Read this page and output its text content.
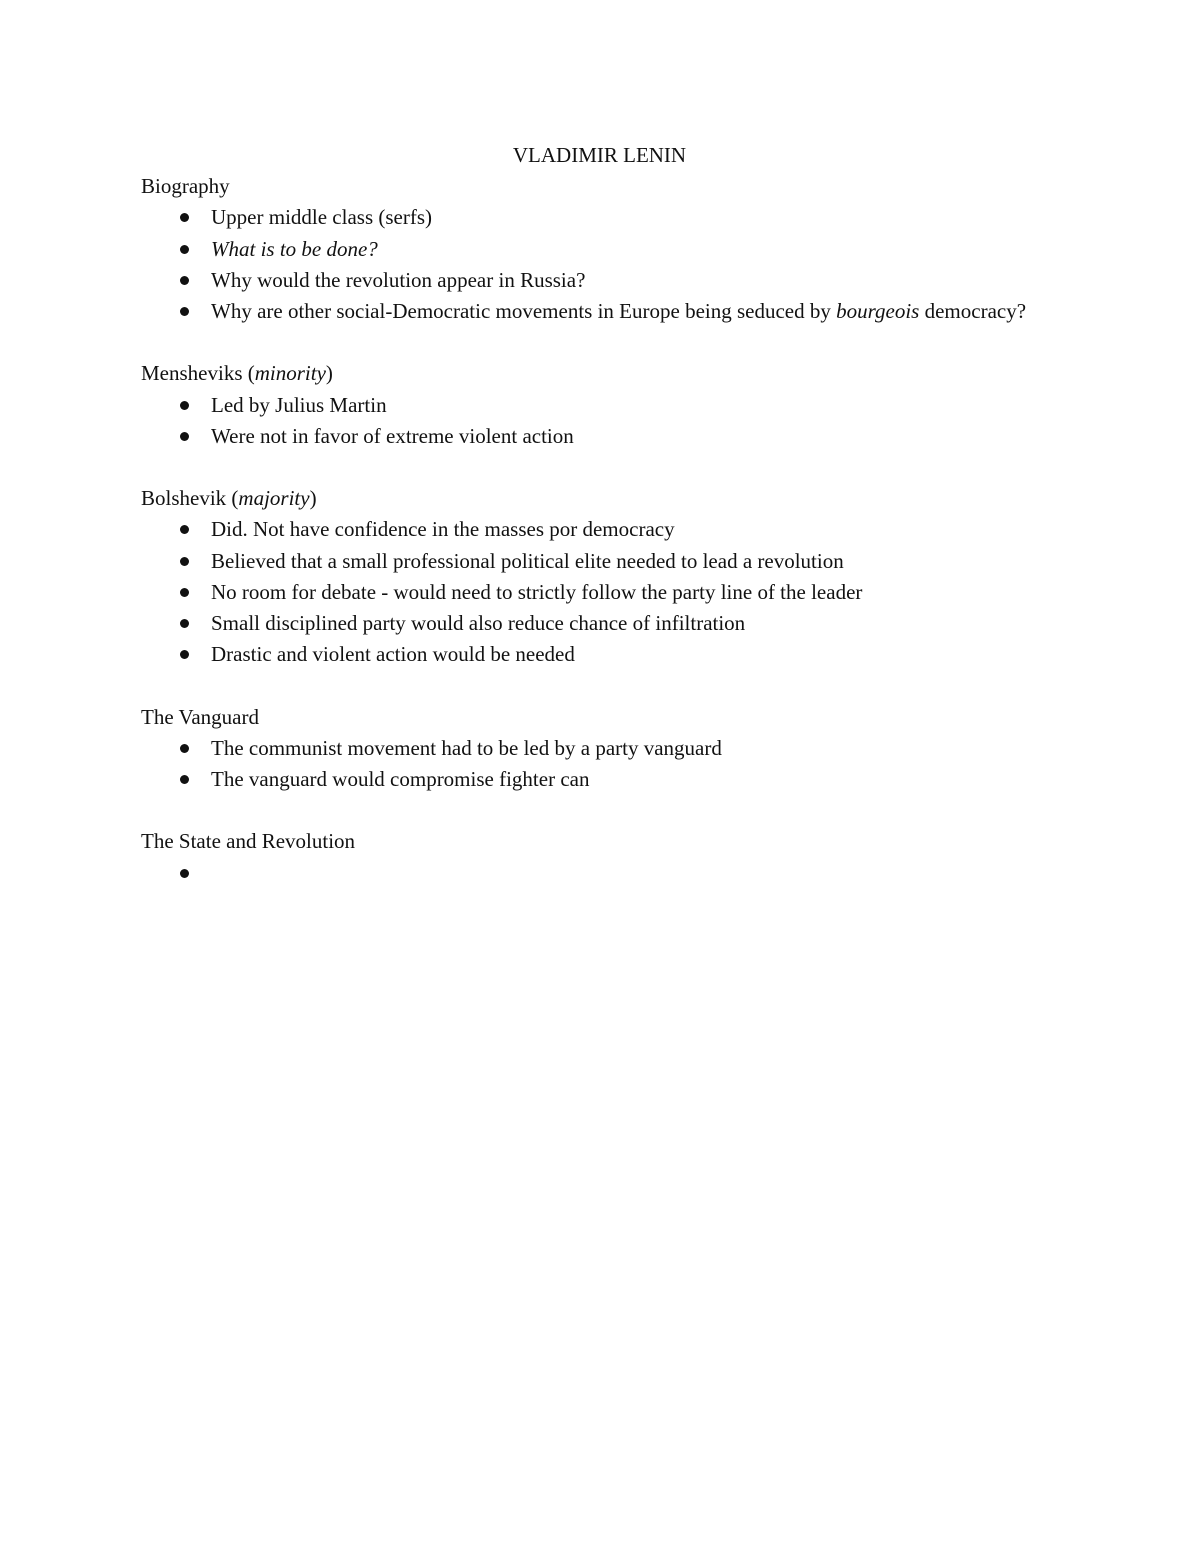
VLADIMIR LENIN

Biography

Upper middle class (serfs)
What is to be done?
Why would the revolution appear in Russia?
Why are other social-Democratic movements in Europe being seduced by bourgeois democracy?

Mensheviks (minority)

Led by Julius Martin
Were not in favor of extreme violent action

Bolshevik (majority)

Did. Not have confidence in the masses por democracy
Believed that a small professional political elite needed to lead a revolution
No room for debate - would need to strictly follow the party line of the leader
Small disciplined party would also reduce chance of infiltration
Drastic and violent action would be needed

The Vanguard

The communist movement had to be led by a party vanguard
The vanguard would compromise fighter can

The State and Revolution
